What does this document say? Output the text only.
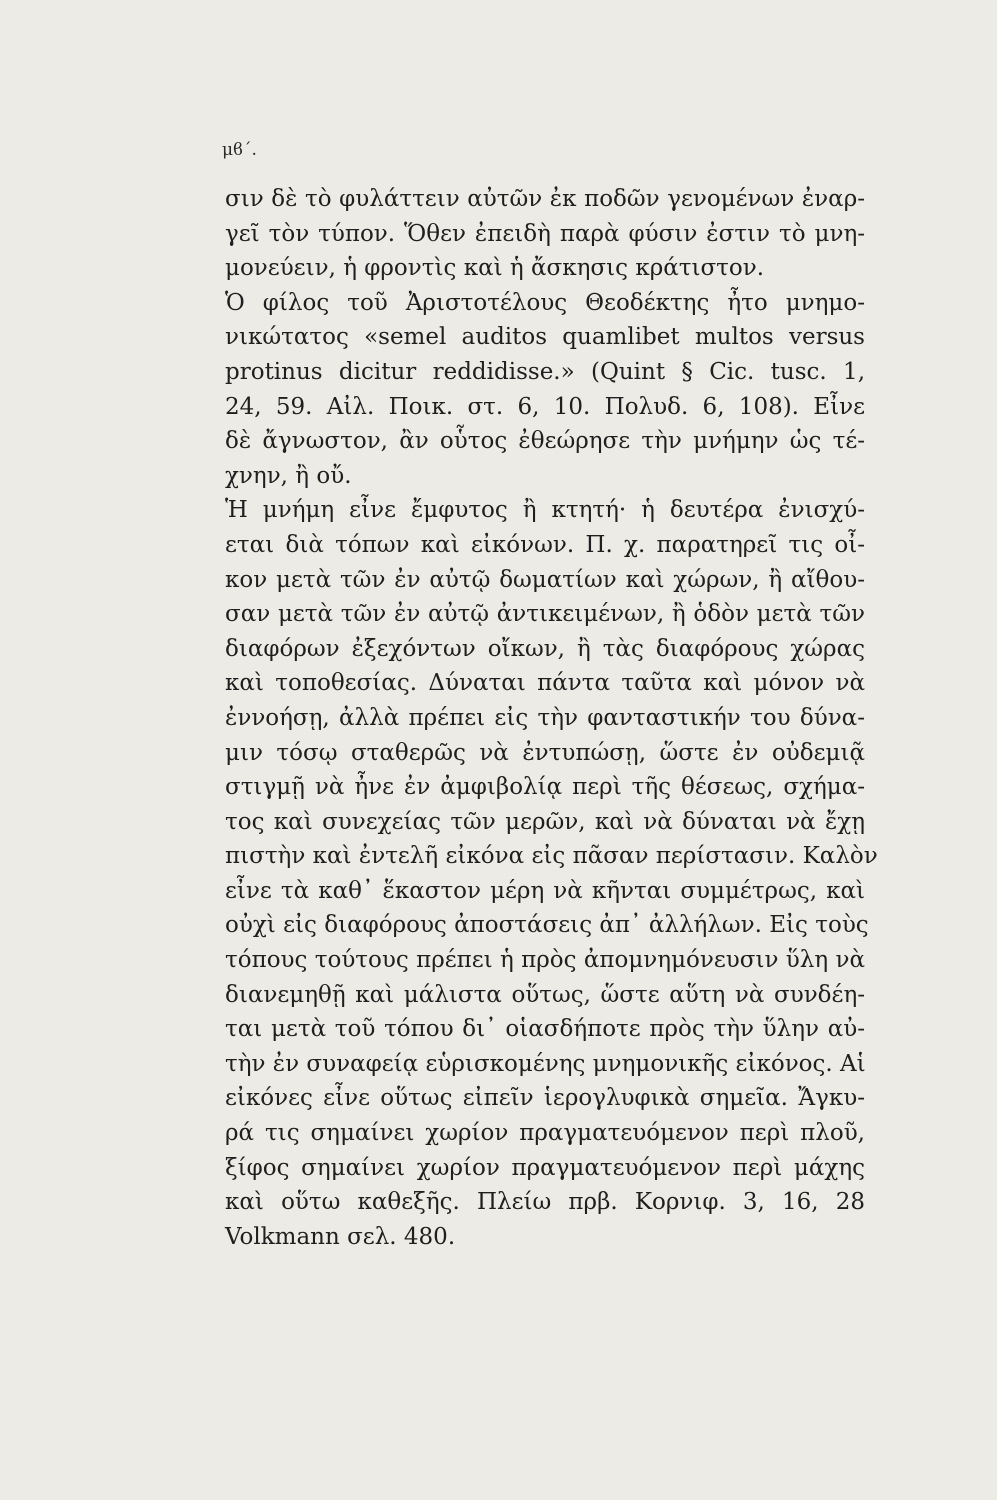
μϐ΄.
σιν δὲ τὸ φυλάττειν αὐτῶν ἐκ ποδῶν γενομένων ἐναρ-
γεῖ τὸν τύπον. Ὅθεν ἐπειδὴ παρὰ φύσιν ἐστιν τὸ μνη-
μονεύειν, ἡ φροντὶς καὶ ἡ ἄσκησις κράτιστον.
Ὁ φίλος τοῦ Ἀριστοτέλους Θεοδέκτης ἦτο μνημο-
νικώτατος «semel auditos quamlibet multos versus
protinus dicitur reddidisse.» (Quint § Cic. tusc. 1,
24, 59. Αἰλ. Ποικ. στ. 6, 10. Πολυδ. 6, 108). Εἶνε
δὲ ἄγνωστον, ἂν οὗτος ἐθεώρησε τὴν μνήμην ὡς τέ-
χνην, ἢ οὔ.
Ἡ μνήμη εἶνε ἔμφυτος ἢ κτητή· ἡ δευτέρα ἐνισχύ-
εται διὰ τόπων καὶ εἰκόνων. Π. χ. παρατηρεῖ τις οἶ-
κον μετὰ τῶν ἐν αὐτῷ δωματίων καὶ χώρων, ἢ αἴθου-
σαν μετὰ τῶν ἐν αὐτῷ ἀντικειμένων, ἢ ὁδὸν μετὰ τῶν
διαφόρων ἐξεχόντων οἴκων, ἢ τὰς διαφόρους χώρας
καὶ τοποθεσίας. Δύναται πάντα ταῦτα καὶ μόνον νὰ
ἐννοήσῃ, ἀλλὰ πρέπει εἰς τὴν φανταστικήν του δύνα-
μιν τόσῳ σταθερῶς νὰ ἐντυπώσῃ, ὥστε ἐν οὐδεμιᾷ
στιγμῇ νὰ ἦνε ἐν ἀμφιβολίᾳ περὶ τῆς θέσεως, σχήμα-
τος καὶ συνεχείας τῶν μερῶν, καὶ νὰ δύναται νὰ ἔχῃ
πιστὴν καὶ ἐντελῆ εἰκόνα εἰς πᾶσαν περίστασιν. Καλὸν
εἶνε τὰ καθ᾽ ἕκαστον μέρη νὰ κῆνται συμμέτρως, καὶ
οὐχὶ εἰς διαφόρους ἀποστάσεις ἀπ᾽ ἀλλήλων. Εἰς τοὺς
τόπους τούτους πρέπει ἡ πρὸς ἀπομνημόνευσιν ὕλη νὰ
διανεμηθῇ καὶ μάλιστα οὕτως, ὥστε αὕτη νὰ συνδέη-
ται μετὰ τοῦ τόπου δι᾽ οἱασδήποτε πρὸς τὴν ὕλην αὐ-
τὴν ἐν συναφείᾳ εὑρισκομένης μνημονικῆς εἰκόνος. Αἱ
εἰκόνες εἶνε οὕτως εἰπεῖν ἱερογλυφικὰ σημεῖα. Ἄγκυ-
ρά τις σημαίνει χωρίον πραγματευόμενον περὶ πλοῦ,
ξίφος σημαίνει χωρίον πραγματευόμενον περὶ μάχης
καὶ οὕτω καθεξῆς. Πλείω πρβ. Κορνιφ. 3, 16, 28
Volkmann σελ. 480.
